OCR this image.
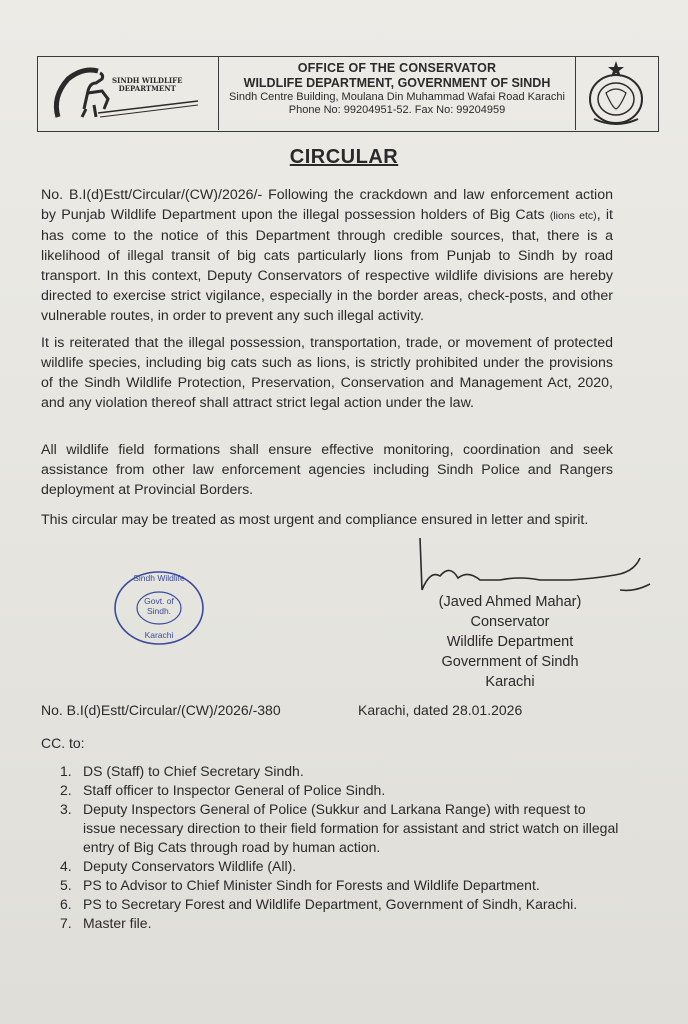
SINDH WILDLIFE
DEPARTMENT
OFFICE OF THE CONSERVATOR
WILDLIFE DEPARTMENT, GOVERNMENT OF SINDH
Sindh Centre Building, Moulana Din Muhammad Wafai Road Karachi
Phone No: 99204951-52. Fax No: 99204959
CIRCULAR
No. B.I(d)Estt/Circular/(CW)/2026/- Following the crackdown and law enforcement action by Punjab Wildlife Department upon the illegal possession holders of Big Cats (lions etc), it has come to the notice of this Department through credible sources, that, there is a likelihood of illegal transit of big cats particularly lions from Punjab to Sindh by road transport. In this context, Deputy Conservators of respective wildlife divisions are hereby directed to exercise strict vigilance, especially in the border areas, check-posts, and other vulnerable routes, in order to prevent any such illegal activity.
It is reiterated that the illegal possession, transportation, trade, or movement of protected wildlife species, including big cats such as lions, is strictly prohibited under the provisions of the Sindh Wildlife Protection, Preservation, Conservation and Management Act, 2020, and any violation thereof shall attract strict legal action under the law.
All wildlife field formations shall ensure effective monitoring, coordination and seek assistance from other law enforcement agencies including Sindh Police and Rangers deployment at Provincial Borders.
This circular may be treated as most urgent and compliance ensured in letter and spirit.
Sindh Wildlife
Govt. of
Sindh.
Karachi
(Javed Ahmed Mahar)
Conservator
Wildlife Department
Government of Sindh
Karachi
No. B.I(d)Estt/Circular/(CW)/2026/-380	Karachi, dated 28.01.2026
CC. to:
1. DS (Staff) to Chief Secretary Sindh.
2. Staff officer to Inspector General of Police Sindh.
3. Deputy Inspectors General of Police (Sukkur and Larkana Range) with request to issue necessary direction to their field formation for assistant and strict watch on illegal entry of Big Cats through road by human action.
4. Deputy Conservators Wildlife (All).
5. PS to Advisor to Chief Minister Sindh for Forests and Wildlife Department.
6. PS to Secretary Forest and Wildlife Department, Government of Sindh, Karachi.
7. Master file.
